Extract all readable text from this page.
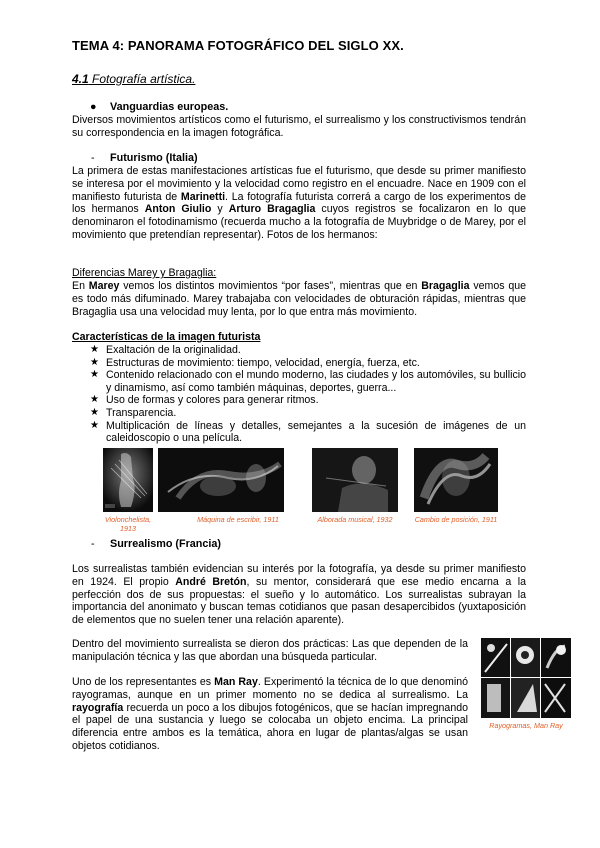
TEMA 4: PANORAMA FOTOGRÁFICO DEL SIGLO XX.
4.1 Fotografía artística.
● Vanguardias europeas.
Diversos movimientos artísticos como el futurismo, el surrealismo y los constructivismos tendrán su correspondencia en la imagen fotográfica.
- Futurismo (Italia)
La primera de estas manifestaciones artísticas fue el futurismo, que desde su primer manifiesto se interesa por el movimiento y la velocidad como registro en el encuadre. Nace en 1909 con el manifiesto futurista de Marinetti. La fotografía futurista correrá a cargo de los experimentos de los hermanos Anton Giulio y Arturo Bragaglia cuyos registros se focalizaron en lo que denominaron el fotodinamismo (recuerda mucho a la fotografía de Muybridge o de Marey, por el movimiento que pretendían representar). Fotos de los hermanos:
Diferencias Marey y Bragaglia:
En Marey vemos los distintos movimientos “por fases”, mientras que en Bragaglia vemos que es todo más difuminado. Marey trabajaba con velocidades de obturación rápidas, mientras que Bragaglia usa una velocidad muy lenta, por lo que entra más movimiento.
Características de la imagen futurista
★ Exaltación de la originalidad.
★ Estructuras de movimiento: tiempo, velocidad, energía, fuerza, etc.
★ Contenido relacionado con el mundo moderno, las ciudades y los automóviles, su bullicio y dinamismo, así como también máquinas, deportes, guerra...
★ Uso de formas y colores para generar ritmos.
★ Transparencia.
★ Multiplicación de líneas y detalles, semejantes a la sucesión de imágenes de un caleidoscopio o una película.
Violonchelista, 1913
Máquina de escribir, 1911	Alborada musical, 1932	Cambio de posición, 1911
- Surrealismo (Francia)
Los surrealistas también evidencian su interés por la fotografía, ya desde su primer manifiesto en 1924. El propio André Bretón, su mentor, considerará que ese medio encarna a la perfección dos de sus propuestas: el sueño y lo automático. Los surrealistas subrayan la importancia del anonimato y buscan temas cotidianos que pasan desapercibidos (yuxtaposición de elementos que no suelen tener una relación aparente).
Dentro del movimiento surrealista se dieron dos prácticas: Las que dependen de la manipulación técnica y las que abordan una búsqueda particular.
Uno de los representantes es Man Ray. Experimentó la técnica de lo que denominó rayogramas, aunque en un primer momento no se dedica al surrealismo. La rayografía recuerda un poco a los dibujos fotogénicos, que se hacían impregnando el papel de una sustancia y luego se colocaba un objeto encima. La principal diferencia entre ambos es la temática, ahora en lugar de plantas/algas se usan objetos cotidianos.
Rayogramas, Man Ray
